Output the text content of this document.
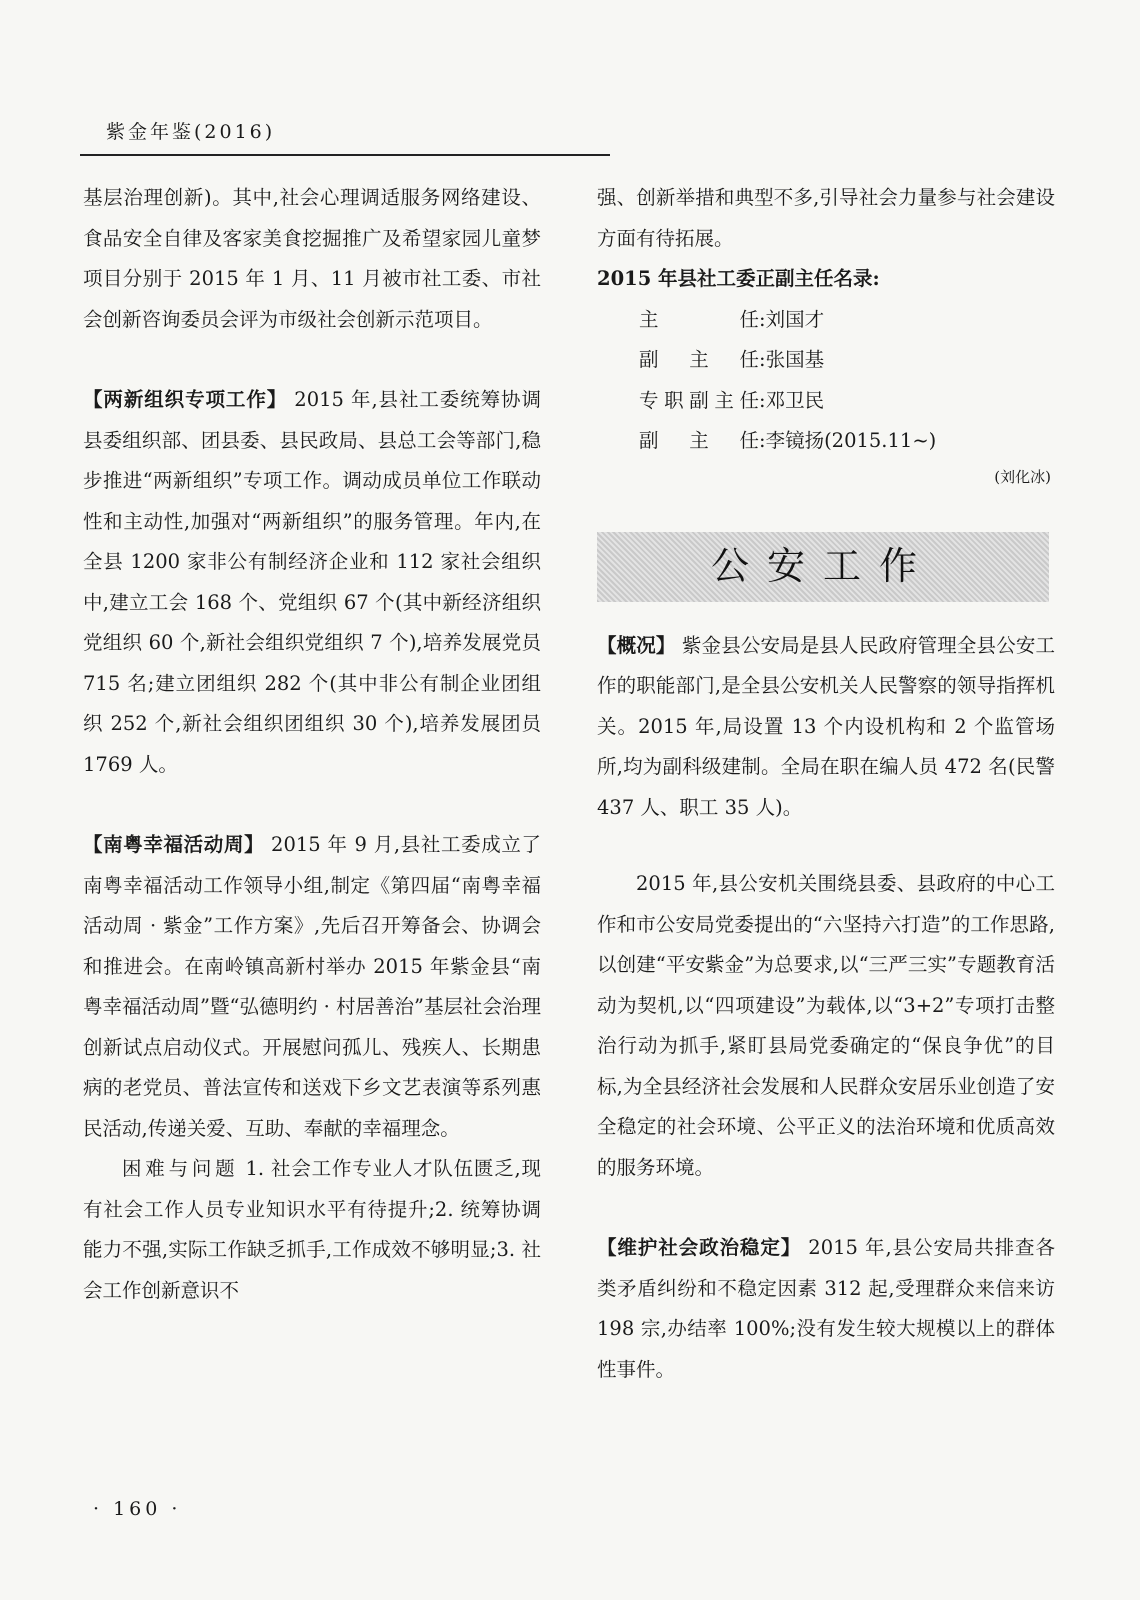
紫金年鉴(2016)

基层治理创新)。其中,社会心理调适服务网络建设、食品安全自律及客家美食挖掘推广及希望家园儿童梦项目分别于 2015 年 1 月、11 月被市社工委、市社会创新咨询委员会评为市级社会创新示范项目。

【两新组织专项工作】 2015 年,县社工委统筹协调县委组织部、团县委、县民政局、县总工会等部门,稳步推进“两新组织”专项工作。调动成员单位工作联动性和主动性,加强对“两新组织”的服务管理。年内,在全县 1200 家非公有制经济企业和 112 家社会组织中,建立工会 168 个、党组织 67 个(其中新经济组织党组织 60 个,新社会组织党组织 7 个),培养发展党员 715 名;建立团组织 282 个(其中非公有制企业团组织 252 个,新社会组织团组织 30 个),培养发展团员 1769 人。

【南粤幸福活动周】 2015 年 9 月,县社工委成立了南粤幸福活动工作领导小组,制定《第四届“南粤幸福活动周 · 紫金”工作方案》,先后召开筹备会、协调会和推进会。在南岭镇高新村举办 2015 年紫金县“南粤幸福活动周”暨“弘德明约 · 村居善治”基层社会治理创新试点启动仪式。开展慰问孤儿、残疾人、长期患病的老党员、普法宣传和送戏下乡文艺表演等系列惠民活动,传递关爱、互助、奉献的幸福理念。

困难与问题 1. 社会工作专业人才队伍匮乏,现有社会工作人员专业知识水平有待提升;2. 统筹协调能力不强,实际工作缺乏抓手,工作成效不够明显;3. 社会工作创新意识不

强、创新举措和典型不多,引导社会力量参与社会建设方面有待拓展。

2015 年县社工委正副主任名录:

主任:刘国才
副主任:张国基
专职副主任:邓卫民
副主任:李镜扬(2015.11~)
(刘化冰)
公安工作

【概况】 紫金县公安局是县人民政府管理全县公安工作的职能部门,是全县公安机关人民警察的领导指挥机关。2015 年,局设置 13 个内设机构和 2 个监管场所,均为副科级建制。全局在职在编人员 472 名(民警 437 人、职工 35 人)。

2015 年,县公安机关围绕县委、县政府的中心工作和市公安局党委提出的“六坚持六打造”的工作思路,以创建“平安紫金”为总要求,以“三严三实”专题教育活动为契机,以“四项建设”为载体,以“3+2”专项打击整治行动为抓手,紧盯县局党委确定的“保良争优”的目标,为全县经济社会发展和人民群众安居乐业创造了安全稳定的社会环境、公平正义的法治环境和优质高效的服务环境。

【维护社会政治稳定】 2015 年,县公安局共排查各类矛盾纠纷和不稳定因素 312 起,受理群众来信来访 198 宗,办结率 100%;没有发生较大规模以上的群体性事件。

· 160 ·
